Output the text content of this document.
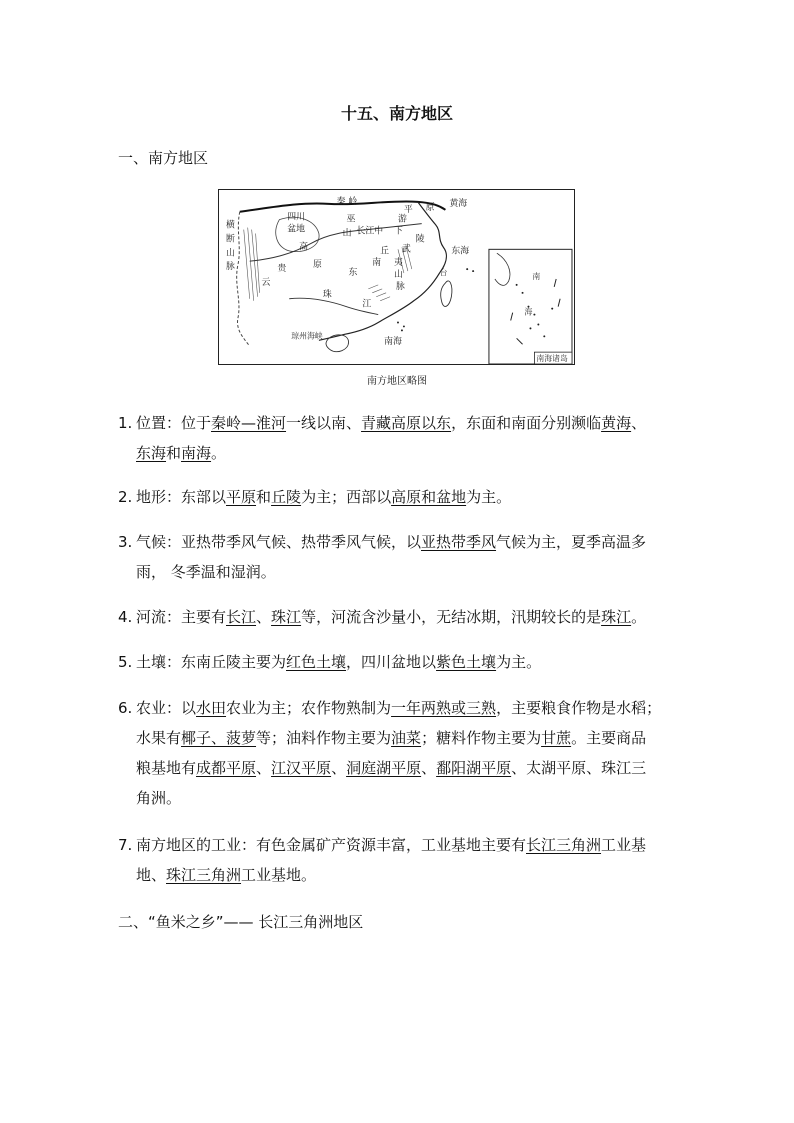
十五、南方地区
一、南方地区
秦 岭	黄海
东海
南海
四川
盆地
横
断
山
脉
巫
山 长江中 下
游
平 原
陵
丘 武
夷
南
山
脉
东
云
贵
高
原
珠
江
台
琼州海峡
南
海
南海诸岛
南方地区略图
1. 位置：位于秦岭—淮河一线以南、青藏高原以东，东面和南面分别濒临黄海、
东海和南海。
2. 地形：东部以平原和丘陵为主；西部以高原和盆地为主。
3. 气候：亚热带季风气候、热带季风气候，以亚热带季风气候为主，夏季高温多
雨， 冬季温和湿润。
4. 河流：主要有长江、珠江等，河流含沙量小，无结冰期，汛期较长的是珠江。
5. 土壤：东南丘陵主要为红色土壤，四川盆地以紫色土壤为主。
6. 农业：以水田农业为主；农作物熟制为一年两熟或三熟，主要粮食作物是水稻；
水果有椰子、菠萝等；油料作物主要为油菜；糖料作物主要为甘蔗。主要商品
粮基地有成都平原、江汉平原、洞庭湖平原、鄱阳湖平原、太湖平原、珠江三
角洲。
7. 南方地区的工业：有色金属矿产资源丰富，工业基地主要有长江三角洲工业基
地、珠江三角洲工业基地。
二、“鱼米之乡”—— 长江三角洲地区
